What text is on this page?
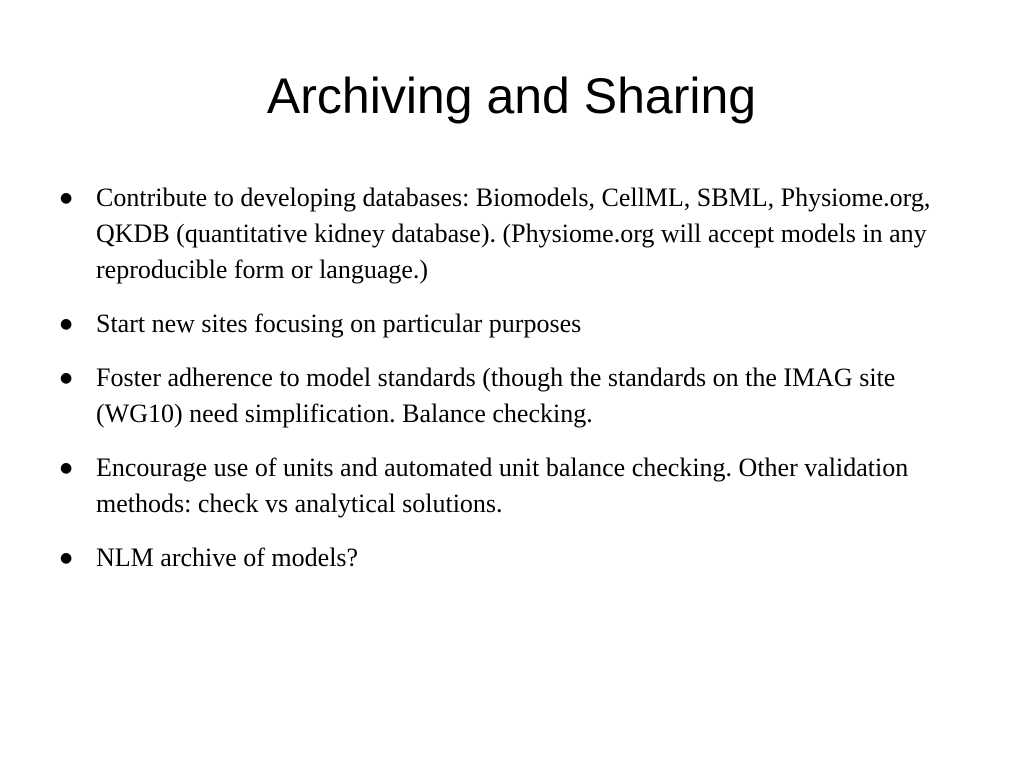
Archiving and Sharing
● Contribute to developing databases: Biomodels, CellML, SBML, Physiome.org, QKDB (quantitative kidney database). (Physiome.org will accept models in any reproducible form or language.)
● Start new sites focusing on particular purposes
● Foster adherence to model standards (though the standards on the IMAG site (WG10) need simplification. Balance checking.
● Encourage use of units and automated unit balance checking. Other validation methods: check vs analytical solutions.
● NLM archive of models?
